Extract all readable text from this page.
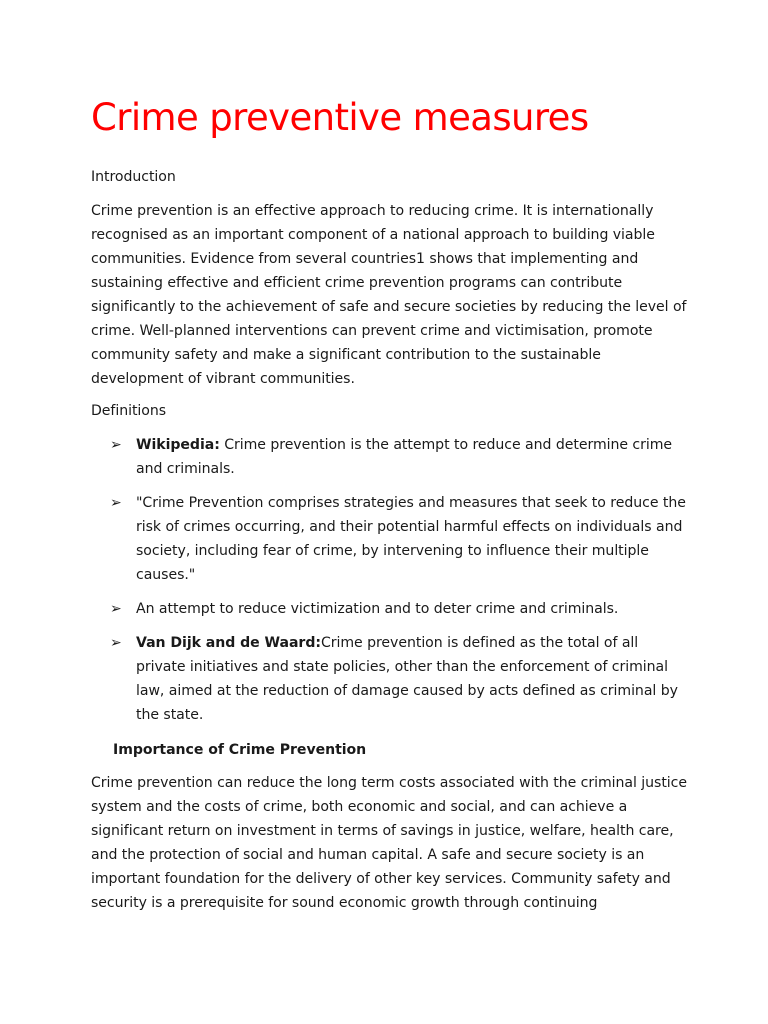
Crime preventive measures

Introduction

Crime prevention is an effective approach to reducing crime. It is internationally recognised as an important component of a national approach to building viable communities. Evidence from several countries1 shows that implementing and sustaining effective and efficient crime prevention programs can contribute significantly to the achievement of safe and secure societies by reducing the level of crime. Well-planned interventions can prevent crime and victimisation, promote community safety and make a significant contribution to the sustainable development of vibrant communities.

Definitions

➢ Wikipedia: Crime prevention is the attempt to reduce and determine crime and criminals.
➢ "Crime Prevention comprises strategies and measures that seek to reduce the risk of crimes occurring, and their potential harmful effects on individuals and society, including fear of crime, by intervening to influence their multiple causes."
➢ An attempt to reduce victimization and to deter crime and criminals.
➢ Van Dijk and de Waard:Crime prevention is defined as the total of all private initiatives and state policies, other than the enforcement of criminal law, aimed at the reduction of damage caused by acts defined as criminal by the state.

Importance of Crime Prevention

Crime prevention can reduce the long term costs associated with the criminal justice system and the costs of crime, both economic and social, and can achieve a significant return on investment in terms of savings in justice, welfare, health care, and the protection of social and human capital. A safe and secure society is an important foundation for the delivery of other key services. Community safety and security is a prerequisite for sound economic growth through continuing
